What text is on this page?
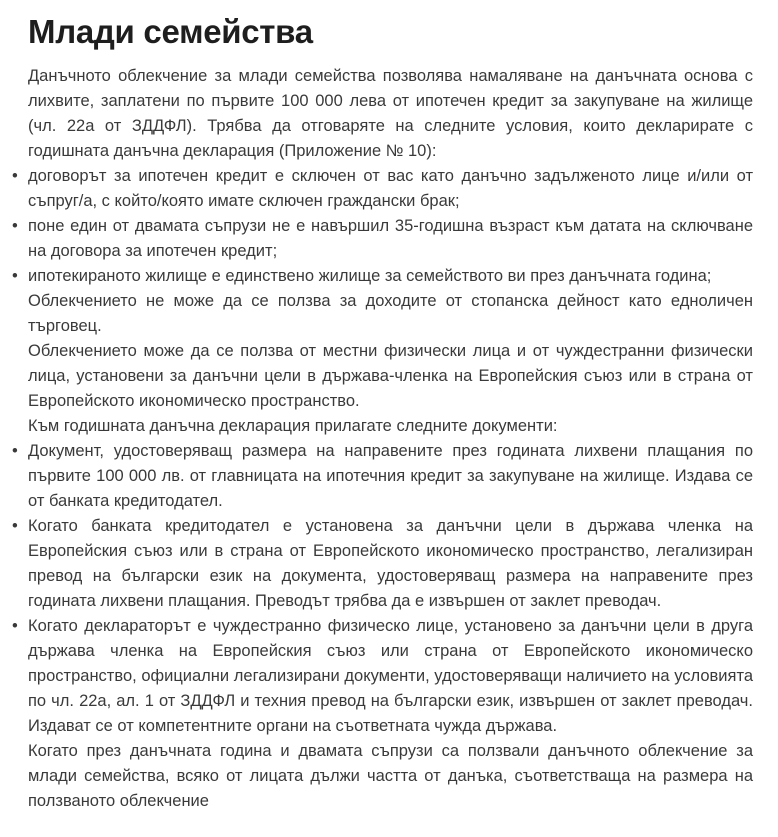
Млади семейства

Данъчното облекчение за млади семейства позволява намаляване на данъчната основа с лихвите, заплатени по първите 100 000 лева от ипотечен кредит за закупуване на жилище (чл. 22а от ЗДДФЛ). Трябва да отговаряте на следните условия, които декларирате с годишната данъчна декларация (Приложение № 10):

• договорът за ипотечен кредит е сключен от вас като данъчно задълженото лице и/или от съпруг/а, с който/която имате сключен граждански брак;
• поне един от двамата съпрузи не е навършил 35-годишна възраст към датата на сключване на договора за ипотечен кредит;
• ипотекираното жилище е единствено жилище за семейството ви през данъчната година;

Облекчението не може да се ползва за доходите от стопанска дейност като едноличен търговец.

Облекчението може да се ползва от местни физически лица и от чуждестранни физически лица, установени за данъчни цели в държава-членка на Европейския съюз или в страна от Европейското икономическо пространство.

Към годишната данъчна декларация прилагате следните документи:

• Документ, удостоверяващ размера на направените през годината лихвени плащания по първите 100 000 лв. от главницата на ипотечния кредит за закупуване на жилище. Издава се от банката кредитодател.
• Когато банката кредитодател е установена за данъчни цели в държава членка на Европейския съюз или в страна от Европейското икономическо пространство, легализиран превод на български език на документа, удостоверяващ размера на направените през годината лихвени плащания. Преводът трябва да е извършен от заклет преводач.
• Когато деклараторът е чуждестранно физическо лице, установено за данъчни цели в друга държава членка на Европейския съюз или страна от Европейското икономическо пространство, официални легализирани документи, удостоверяващи наличието на условията по чл. 22а, ал. 1 от ЗДДФЛ и техния превод на български език, извършен от заклет преводач. Издават се от компетентните органи на съответната чужда държава.

Когато през данъчната година и двамата съпрузи са ползвали данъчното облекчение за млади семейства, всяко от лицата дължи частта от данъка, съответстваща на размера на ползваното облекчение
